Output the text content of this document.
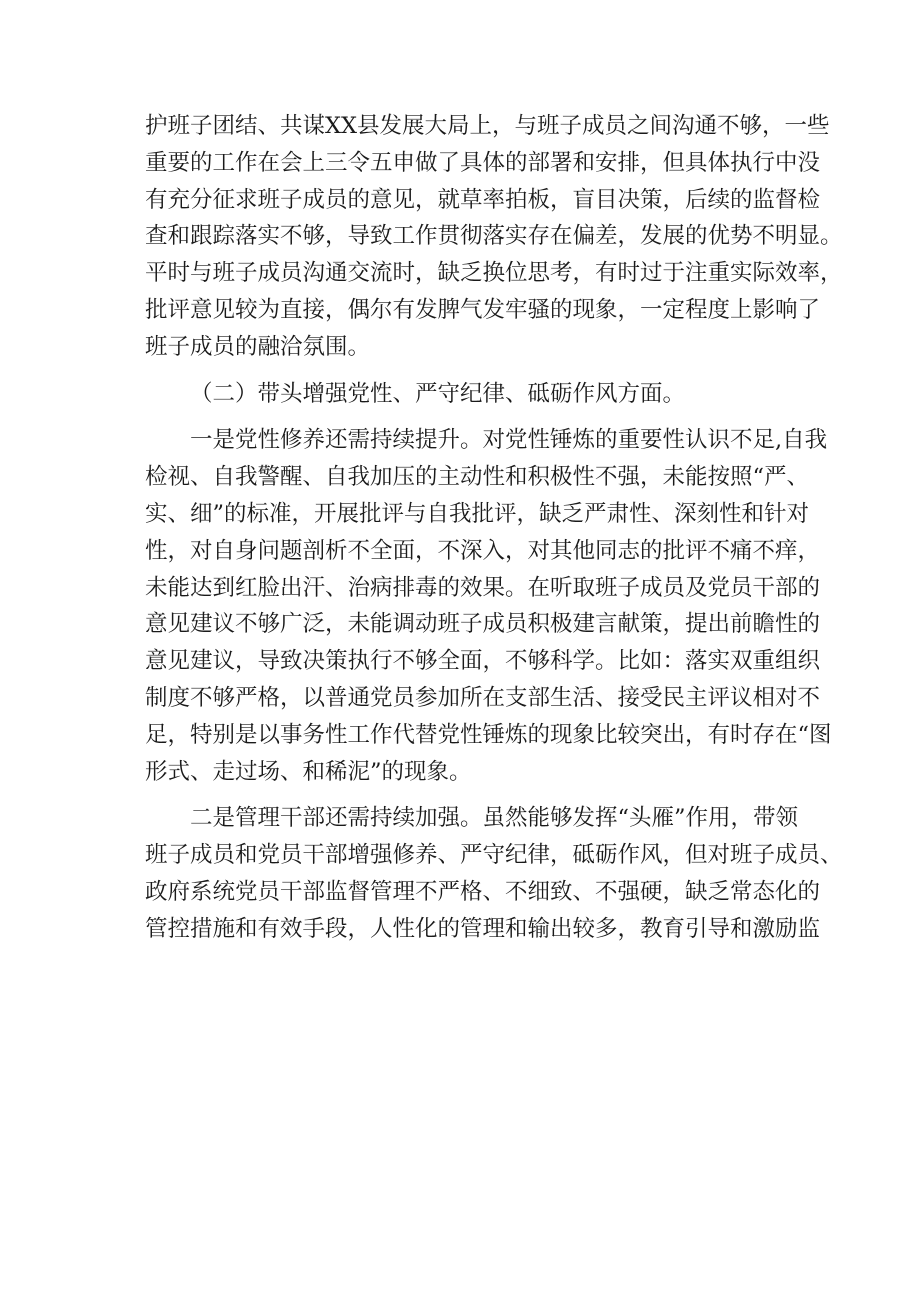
护班子团结、共谋XX县发展大局上，与班子成员之间沟通不够，一些
重要的工作在会上三令五申做了具体的部署和安排，但具体执行中没
有充分征求班子成员的意见，就草率拍板，盲目决策，后续的监督检
查和跟踪落实不够，导致工作贯彻落实存在偏差，发展的优势不明显。
平时与班子成员沟通交流时，缺乏换位思考，有时过于注重实际效率，
批评意见较为直接，偶尔有发脾气发牢骚的现象，一定程度上影响了
班子成员的融洽氛围。
（二）带头增强党性、严守纪律、砥砺作风方面。
一是党性修养还需持续提升。对党性锤炼的重要性认识不足,自我
检视、自我警醒、自我加压的主动性和积极性不强，未能按照“严、
实、细”的标准，开展批评与自我批评，缺乏严肃性、深刻性和针对
性，对自身问题剖析不全面，不深入，对其他同志的批评不痛不痒，
未能达到红脸出汗、治病排毒的效果。在听取班子成员及党员干部的
意见建议不够广泛，未能调动班子成员积极建言献策，提出前瞻性的
意见建议，导致决策执行不够全面，不够科学。比如：落实双重组织
制度不够严格，以普通党员参加所在支部生活、接受民主评议相对不
足，特别是以事务性工作代替党性锤炼的现象比较突出，有时存在“图
形式、走过场、和稀泥”的现象。
二是管理干部还需持续加强。虽然能够发挥“头雁”作用，带领
班子成员和党员干部增强修养、严守纪律，砥砺作风，但对班子成员、
政府系统党员干部监督管理不严格、不细致、不强硬，缺乏常态化的
管控措施和有效手段，人性化的管理和输出较多，教育引导和激励监
